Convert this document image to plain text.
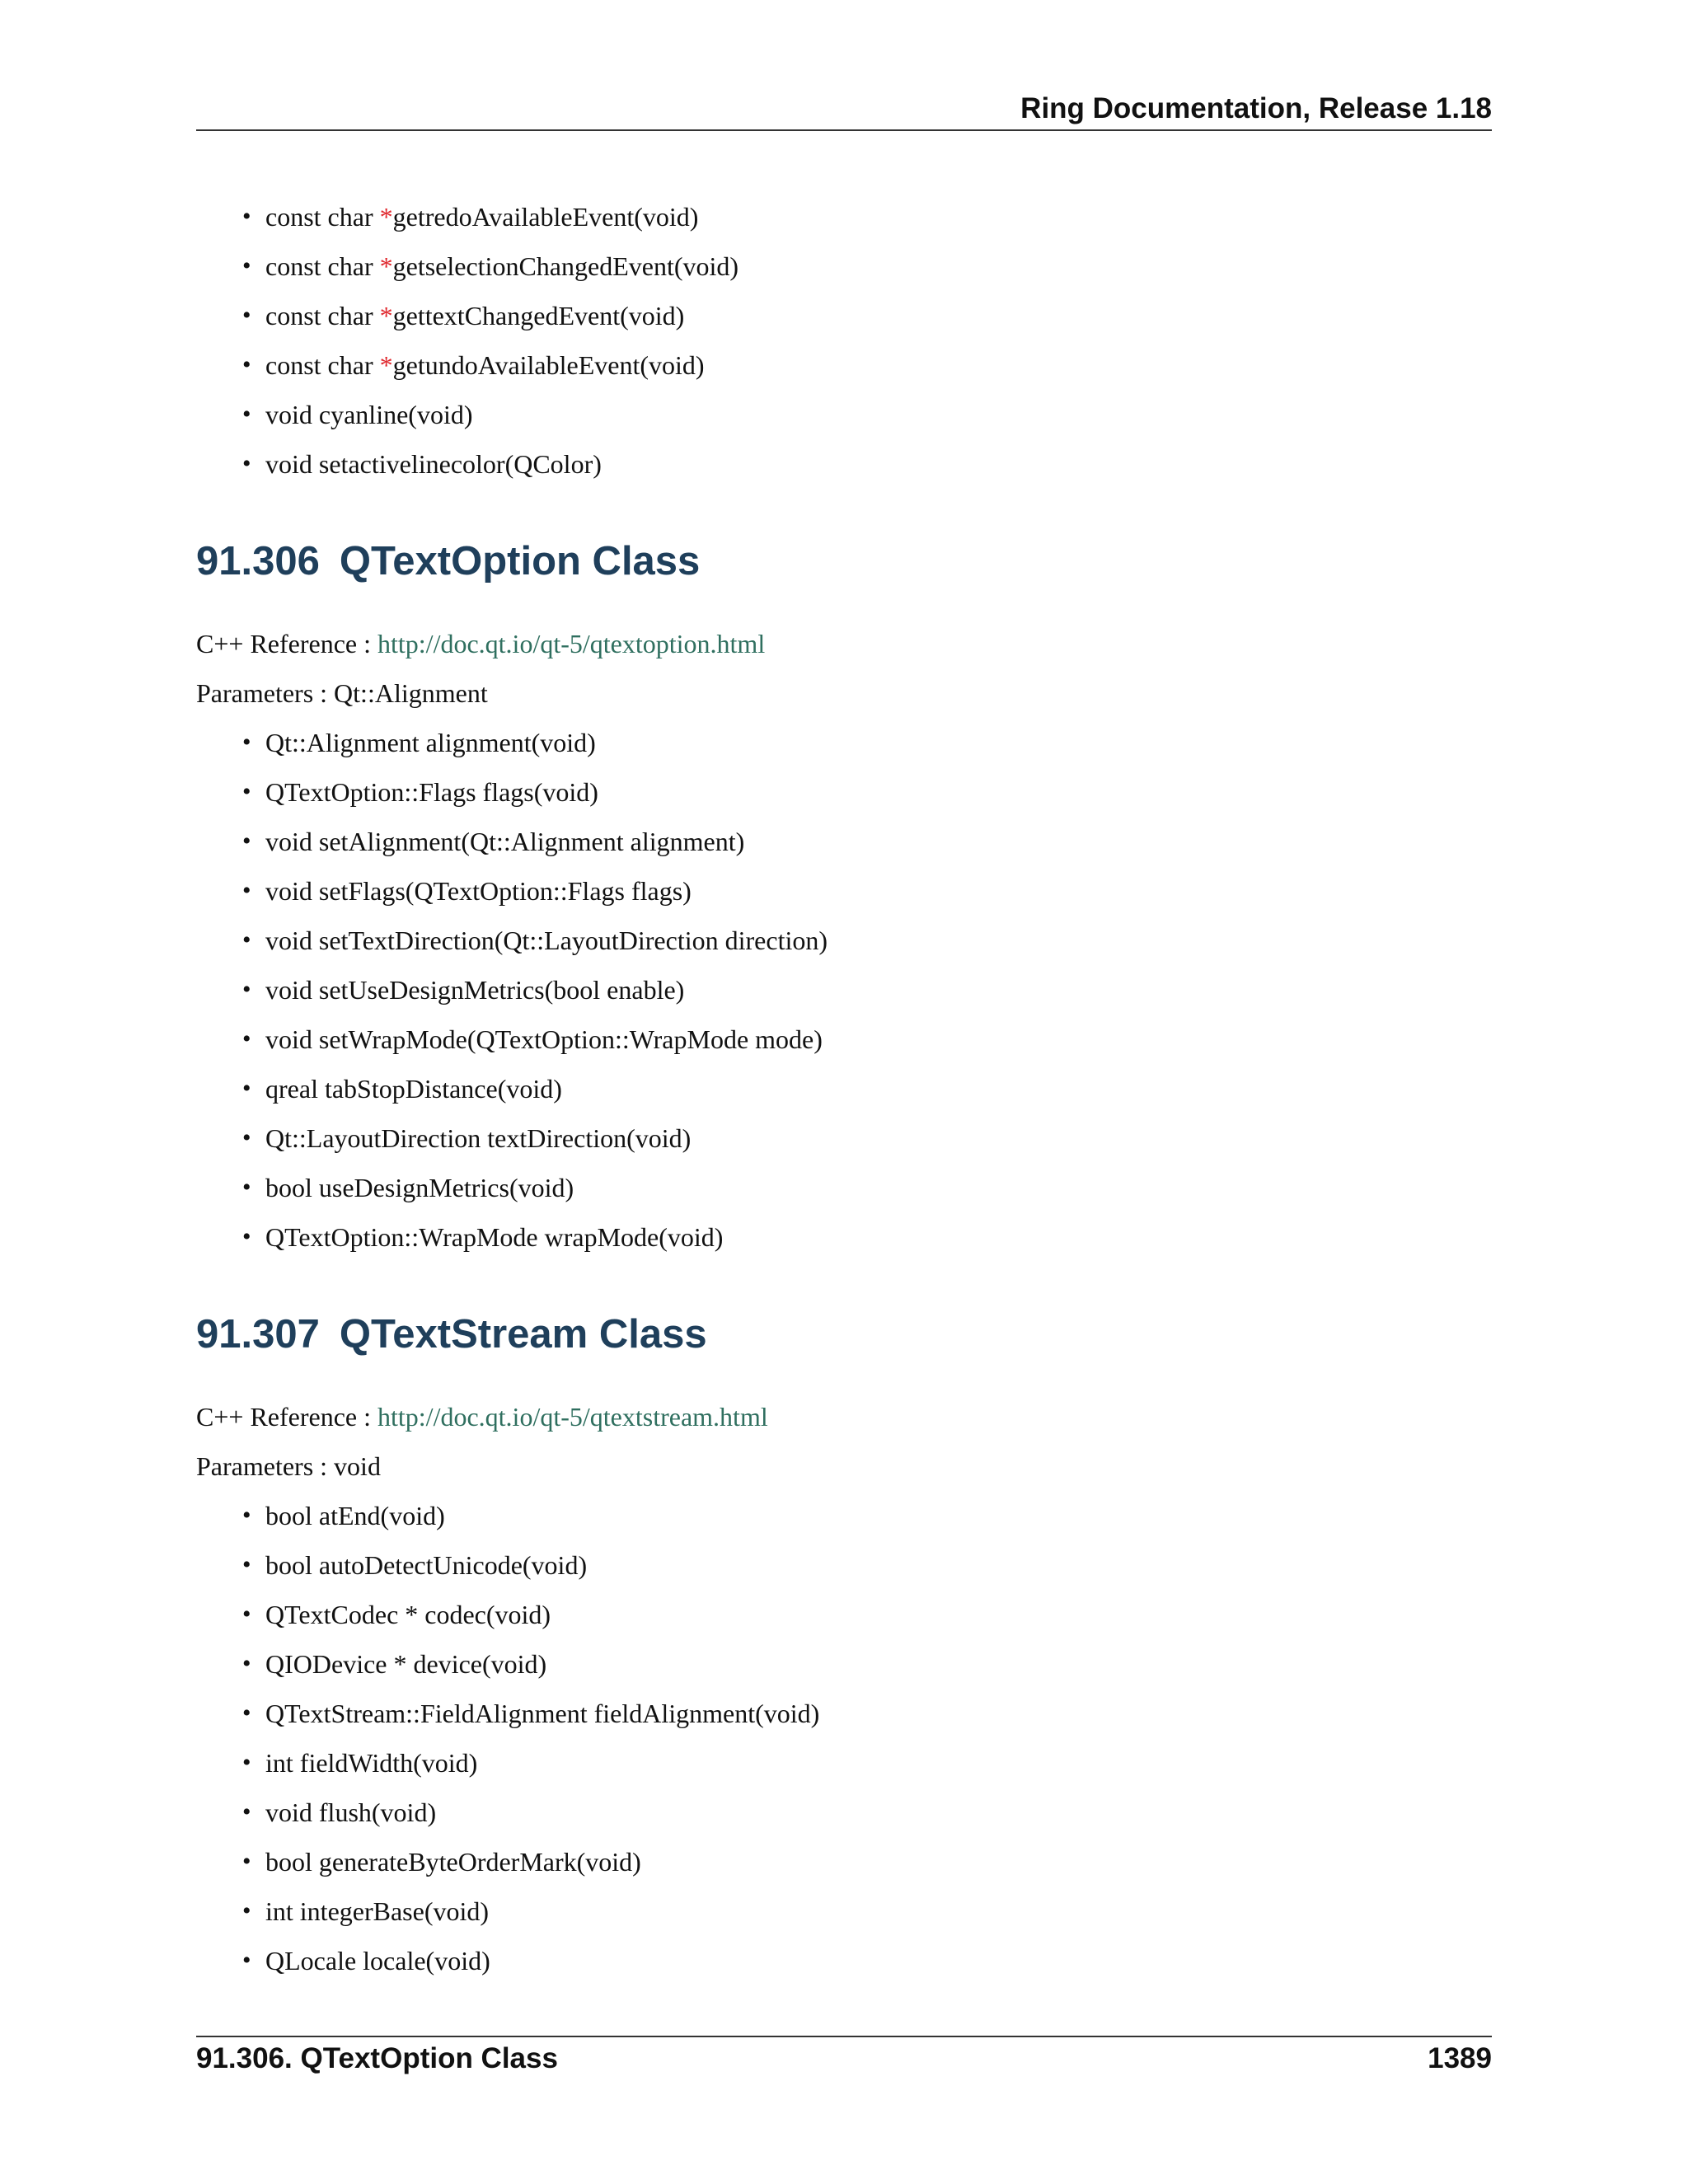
Ring Documentation, Release 1.18
• const char *getredoAvailableEvent(void)
• const char *getselectionChangedEvent(void)
• const char *gettextChangedEvent(void)
• const char *getundoAvailableEvent(void)
• void cyanline(void)
• void setactivelinecolor(QColor)
91.306 QTextOption Class

C++ Reference : http://doc.qt.io/qt-5/qtextoption.html

Parameters : Qt::Alignment

• Qt::Alignment alignment(void)
• QTextOption::Flags flags(void)
• void setAlignment(Qt::Alignment alignment)
• void setFlags(QTextOption::Flags flags)
• void setTextDirection(Qt::LayoutDirection direction)
• void setUseDesignMetrics(bool enable)
• void setWrapMode(QTextOption::WrapMode mode)
• qreal tabStopDistance(void)
• Qt::LayoutDirection textDirection(void)
• bool useDesignMetrics(void)
• QTextOption::WrapMode wrapMode(void)
91.307 QTextStream Class

C++ Reference : http://doc.qt.io/qt-5/qtextstream.html

Parameters : void

• bool atEnd(void)
• bool autoDetectUnicode(void)
• QTextCodec * codec(void)
• QIODevice * device(void)
• QTextStream::FieldAlignment fieldAlignment(void)
• int fieldWidth(void)
• void flush(void)
• bool generateByteOrderMark(void)
• int integerBase(void)
• QLocale locale(void)
91.306. QTextOption Class	1389
